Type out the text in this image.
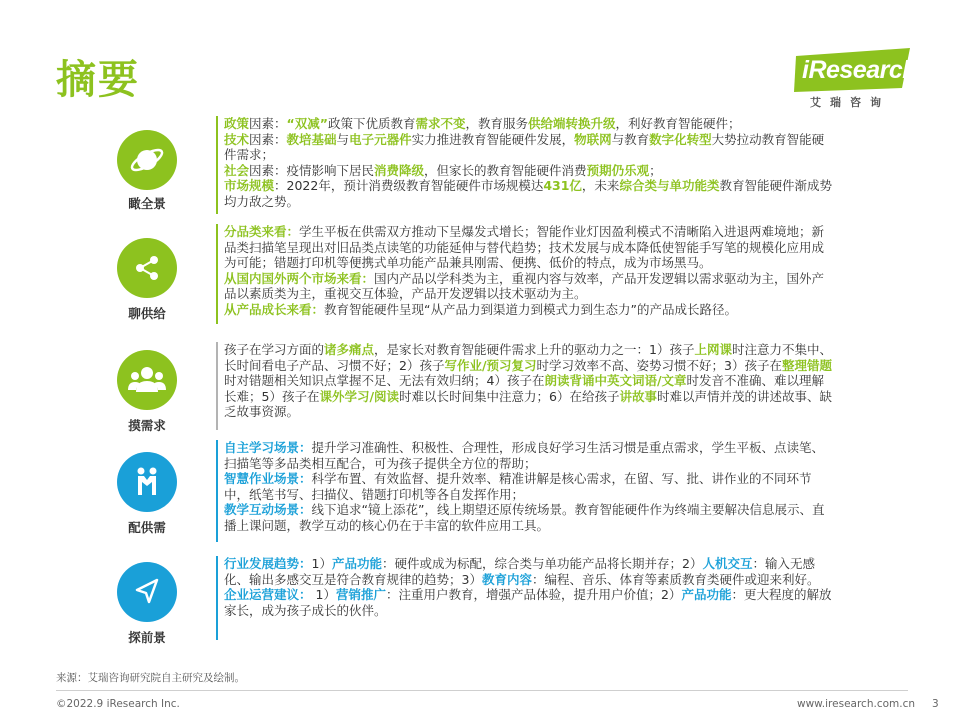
摘要	iResearch
艾瑞咨询
瞰全景

政策因素：“双减”政策下优质教育需求不变，教育服务供给端转换升级，利好教育智能硬件；

技术因素：教培基础与电子元器件实力推进教育智能硬件发展，物联网与教育数字化转型大势拉动教育智能硬件需求；

社会因素：疫情影响下居民消费降级，但家长的教育智能硬件消费预期仍乐观；

市场规模：2022年，预计消费级教育智能硬件市场规模达431亿，未来综合类与单功能类教育智能硬件渐成势均力敌之势。

聊供给

分品类来看：学生平板在供需双方推动下呈爆发式增长；智能作业灯因盈利模式不清晰陷入进退两难境地；新品类扫描笔呈现出对旧品类点读笔的功能延伸与替代趋势；技术发展与成本降低使智能手写笔的规模化应用成为可能；错题打印机等便携式单功能产品兼具刚需、便携、低价的特点，成为市场黑马。

从国内国外两个市场来看：国内产品以学科类为主，重视内容与效率，产品开发逻辑以需求驱动为主，国外产品以素质类为主，重视交互体验，产品开发逻辑以技术驱动为主。

从产品成长来看：教育智能硬件呈现“从产品力到渠道力到模式力到生态力”的产品成长路径。

摸需求

孩子在学习方面的诸多痛点，是家长对教育智能硬件需求上升的驱动力之一：1）孩子上网课时注意力不集中、长时间看电子产品、习惯不好；2）孩子写作业/预习复习时学习效率不高、姿势习惯不好；3）孩子在整理错题时对错题相关知识点掌握不足、无法有效归纳；4）孩子在朗读背诵中英文词语/文章时发音不准确、难以理解长难；5）孩子在课外学习/阅读时难以长时间集中注意力；6）在给孩子讲故事时难以声情并茂的讲述故事、缺乏故事资源。

配供需

自主学习场景：提升学习准确性、积极性、合理性，形成良好学习生活习惯是重点需求，学生平板、点读笔、扫描笔等多品类相互配合，可为孩子提供全方位的帮助；

智慧作业场景：科学布置、有效监督、提升效率、精准讲解是核心需求，在留、写、批、讲作业的不同环节中，纸笔书写、扫描仪、错题打印机等各自发挥作用；

教学互动场景：线下追求“镜上添花”，线上期望还原传统场景。教育智能硬件作为终端主要解决信息展示、直播上课问题，教学互动的核心仍在于丰富的软件应用工具。

探前景

行业发展趋势：1）产品功能：硬件或成为标配，综合类与单功能产品将长期并存；2）人机交互：输入无感化、输出多感交互是符合教育规律的趋势；3）教育内容：编程、音乐、体育等素质教育类硬件或迎来利好。

企业运营建议： 1）营销推广：注重用户教育，增强产品体验，提升用户价值；2）产品功能：更大程度的解放家长，成为孩子成长的伙伴。

来源：艾瑞咨询研究院自主研究及绘制。
©2022.9 iResearch Inc.	www.iresearch.com.cn 3
